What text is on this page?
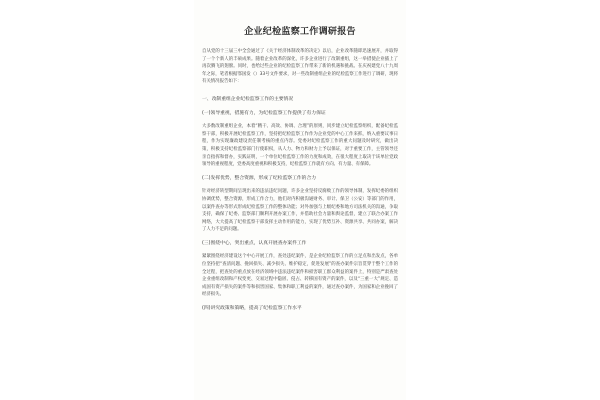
企业纪检监察工作调研报告

自从党的十三届三中全会通过了《关于经济体制改革的决定》以后，企业改革随即迅速展开，并取得了一个个新人的丰硕成果。随着企业改革的深化，许多企业进行了改制重组，这一举措使企业插上了再次腾飞的翅膀。同时，也给过些企业的纪检监察工作带来了新的机遇和挑战。在庆祝建党八十九周年之际，笔者根据鄂国发（）33号文件要求，对一些改制重组企业的纪检监察工作进行了调研，现将有关情况报告如下：

一、改制重组企业纪检监察工作的主要情况
(一)领导重视，措施有力，为纪检监察工作提供了有力保证

大多数改制重组企业，本着“精干、高效、协调、合理”的原则，同步建立纪检监察组织，配备纪检监察干部，积极开展纪检监察工作，坚持把纪检监察工作作为企业党的中心工作来抓，纳入重要议事日程，作为实现廉政建设责任制考核的重点内容。党委对纪检监察工作的重大问题及时研究，做出决策，积极支持纪检监察部门行使职权，从人力、物力和财力上予以保证，对于重要工作，主管领导还亲自指挥和督办，实践证明，一个单位纪检监察工作的力度和成效，在很大程度上取决于该单位党政领导的重视程度，党委高度重视和积极支持，纪检监察工作就有方向、有力量、有保障。

(二)发挥优势，整合资源，形成了纪检监察工作的合力

针对经济转型期间呈现出来的违法违纪问题，许多企业坚持反腐败工作的领导体制，发挥纪委的组织协调优势，整合资源，形成工作合力，他们对内积极沟通财务、审计、保卫（公安）等部门的作用，以案件查办等形式形成纪检监察工作的整体功能；对外加强与上级纪委和地方司法机关的沟通，争取支持，确保了纪委、监察部门顺利开展办案工作，并借助社会力量和舆论监督，建立了联合办案工作网络，大大提高了纪检监察干部发挥主动作用的能力，实现了优势互补、资源共享、共同办案，解决了人力不足的问题。

(三)围绕中心，突出重点，认真开展查办案件工作

紧紧围绕经济建设这个中心开展工作，查处违纪案件，是企业纪检监察工作的立足点和出发点，各单位坚持把“查清问题、挽回损失、减少损失、维护稳定，促进发展”的查办案件宗旨贯穿于整个工作的全过程，把查处的重点放在经济领域中违法违纪案件和损害职工群众利益的案件上，特别是严肃查处企业重组改制和产权变更、交易过程中隐匿、侵占、转移国有资产的案件，以及“三重一大”规定、造成国有资产损失的案件等和损害国家、集体和职工利益的案件，通过查办案件，为国家和企业挽回了经济损失。

(四)讲究政策和策略，提高了纪检监察工作水平
